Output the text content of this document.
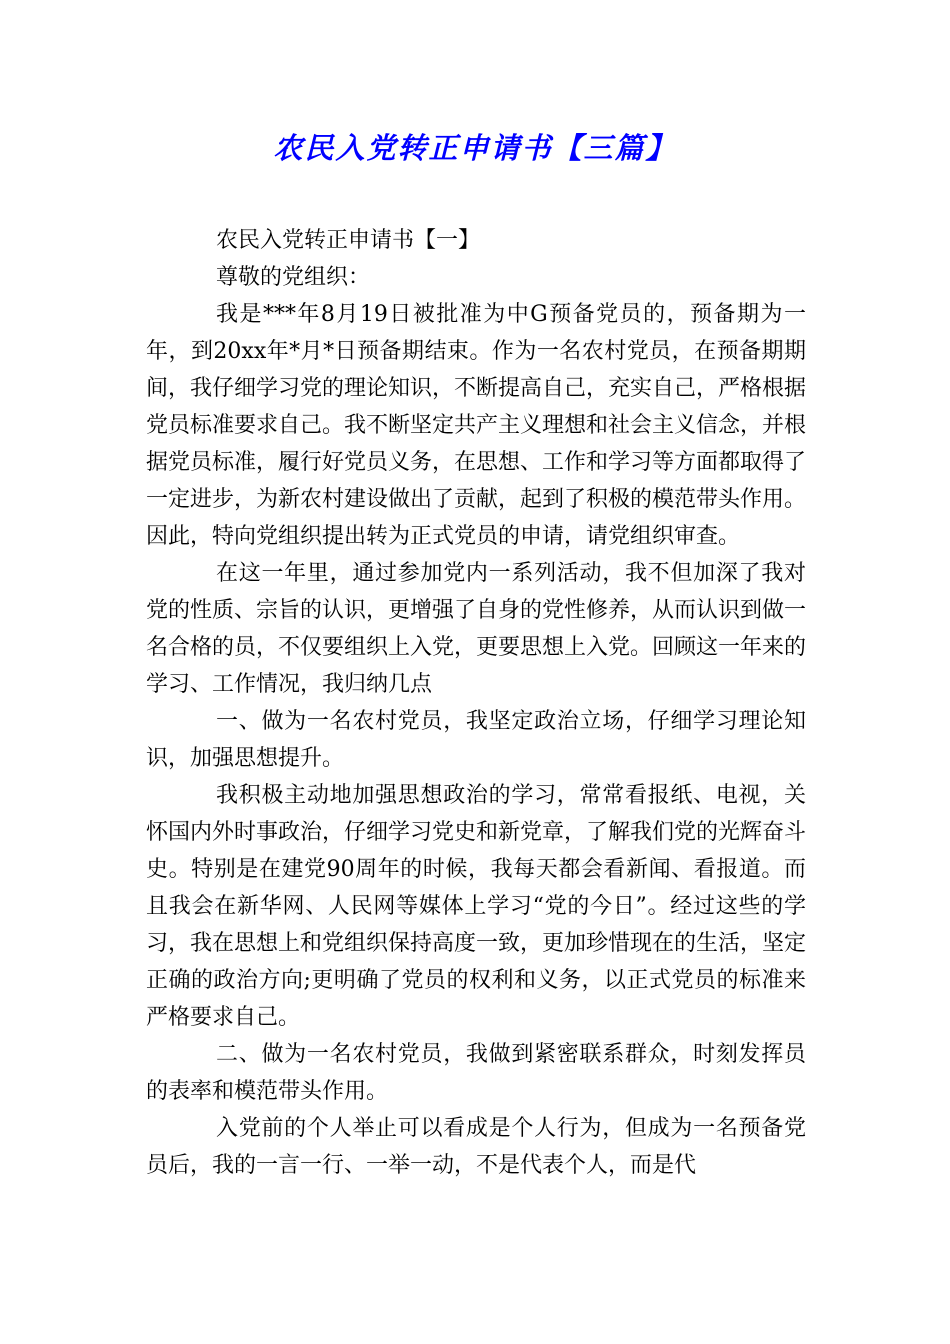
农民入党转正申请书【三篇】

农民入党转正申请书【一】

尊敬的党组织：

我是***年8月19日被批准为中G预备党员的，预备期为一年，到20xx年*月*日预备期结束。作为一名农村党员，在预备期期间，我仔细学习党的理论知识，不断提高自己，充实自己，严格根据党员标准要求自己。我不断坚定共产主义理想和社会主义信念，并根据党员标准，履行好党员义务，在思想、工作和学习等方面都取得了一定进步，为新农村建设做出了贡献，起到了积极的模范带头作用。因此，特向党组织提出转为正式党员的申请，请党组织审查。

在这一年里，通过参加党内一系列活动，我不但加深了我对党的性质、宗旨的认识，更增强了自身的党性修养，从而认识到做一名合格的员，不仅要组织上入党，更要思想上入党。回顾这一年来的学习、工作情况，我归纳几点

一、做为一名农村党员，我坚定政治立场，仔细学习理论知识，加强思想提升。

我积极主动地加强思想政治的学习，常常看报纸、电视，关怀国内外时事政治，仔细学习党史和新党章，了解我们党的光辉奋斗史。特别是在建党90周年的时候，我每天都会看新闻、看报道。而且我会在新华网、人民网等媒体上学习“党的今日”。经过这些的学习，我在思想上和党组织保持高度一致，更加珍惜现在的生活，坚定正确的政治方向;更明确了党员的权利和义务，以正式党员的标准来严格要求自己。

二、做为一名农村党员，我做到紧密联系群众，时刻发挥员的表率和模范带头作用。

入党前的个人举止可以看成是个人行为，但成为一名预备党员后，我的一言一行、一举一动，不是代表个人，而是代
